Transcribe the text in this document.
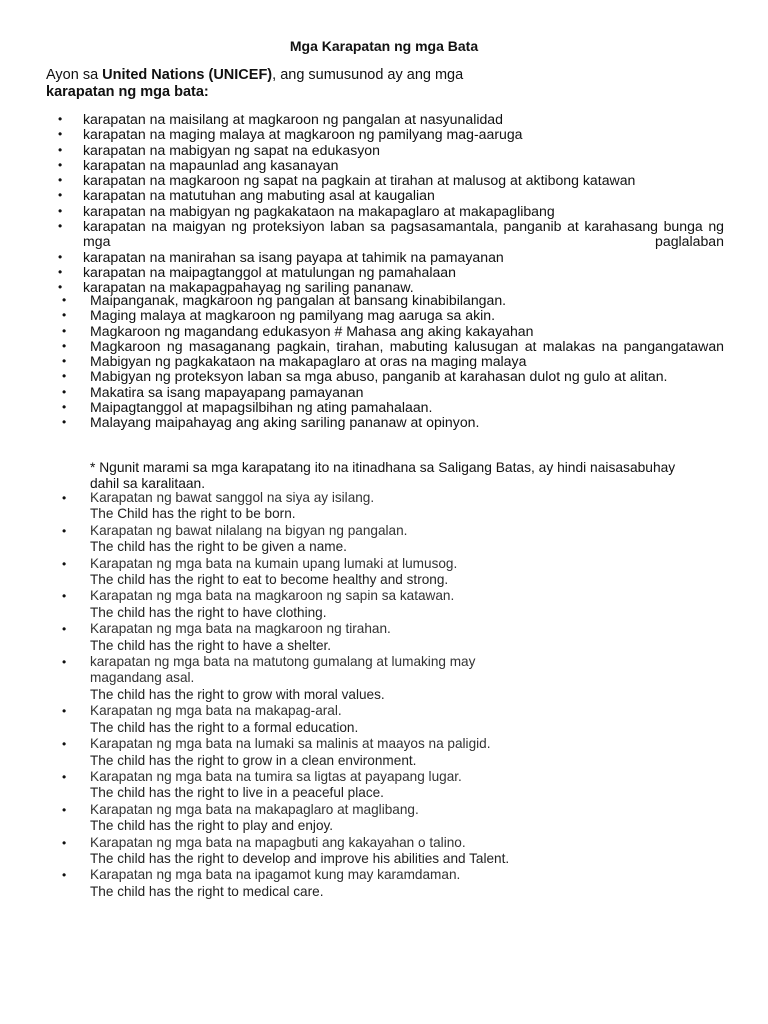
Mga Karapatan ng mga Bata
Ayon sa United Nations (UNICEF), ang sumusunod ay ang mga
karapatan ng mga bata:
• karapatan na maisilang at magkaroon ng pangalan at nasyunalidad
• karapatan na maging malaya at magkaroon ng pamilyang mag-aaruga
• karapatan na mabigyan ng sapat na edukasyon
• karapatan na mapaunlad ang kasanayan
• karapatan na magkaroon ng sapat na pagkain at tirahan at malusog at aktibong katawan
• karapatan na matutuhan ang mabuting asal at kaugalian
• karapatan na mabigyan ng pagkakataon na makapaglaro at makapaglibang
• karapatan na maigyan ng proteksiyon laban sa pagsasamantala, panganib at karahasang bunga ng mga paglalaban
• karapatan na manirahan sa isang payapa at tahimik na pamayanan
• karapatan na maipagtanggol at matulungan ng pamahalaan
• karapatan na makapagpahayag ng sariling pananaw.
• Maipanganak, magkaroon ng pangalan at bansang kinabibilangan.
• Maging malaya at magkaroon ng pamilyang mag aaruga sa akin.
• Magkaroon ng magandang edukasyon # Mahasa ang aking kakayahan
• Magkaroon ng masaganang pagkain, tirahan, mabuting kalusugan at malakas na pangangatawan
• Mabigyan ng pagkakataon na makapaglaro at oras na maging malaya
• Mabigyan ng proteksyon laban sa mga abuso, panganib at karahasan dulot ng gulo at alitan.
• Makatira sa isang mapayapang pamayanan
• Maipagtanggol at mapagsilbihan ng ating pamahalaan.
• Malayang maipahayag ang aking sariling pananaw at opinyon.
* Ngunit marami sa mga karapatang ito na itinadhana sa Saligang Batas, ay hindi naisasabuhay dahil sa karalitaan.
• Karapatan ng bawat sanggol na siya ay isilang.
The Child has the right to be born.
• Karapatan ng bawat nilalang na bigyan ng pangalan.
The child has the right to be given a name.
• Karapatan ng mga bata na kumain upang lumaki at lumusog.
The child has the right to eat to become healthy and strong.
• Karapatan ng mga bata na magkaroon ng sapin sa katawan.
The child has the right to have clothing.
• Karapatan ng mga bata na magkaroon ng tirahan.
The child has the right to have a shelter.
• karapatan ng mga bata na matutong gumalang at lumaking may magandang asal.
The child has the right to grow with moral values.
• Karapatan ng mga bata na makapag-aral.
The child has the right to a formal education.
• Karapatan ng mga bata na lumaki sa malinis at maayos na paligid.
The child has the right to grow in a clean environment.
• Karapatan ng mga bata na tumira sa ligtas at payapang lugar.
The child has the right to live in a peaceful place.
• Karapatan ng mga bata na makapaglaro at maglibang.
The child has the right to play and enjoy.
• Karapatan ng mga bata na mapagbuti ang kakayahan o talino.
The child has the right to develop and improve his abilities and Talent.
• Karapatan ng mga bata na ipagamot kung may karamdaman.
The child has the right to medical care.
